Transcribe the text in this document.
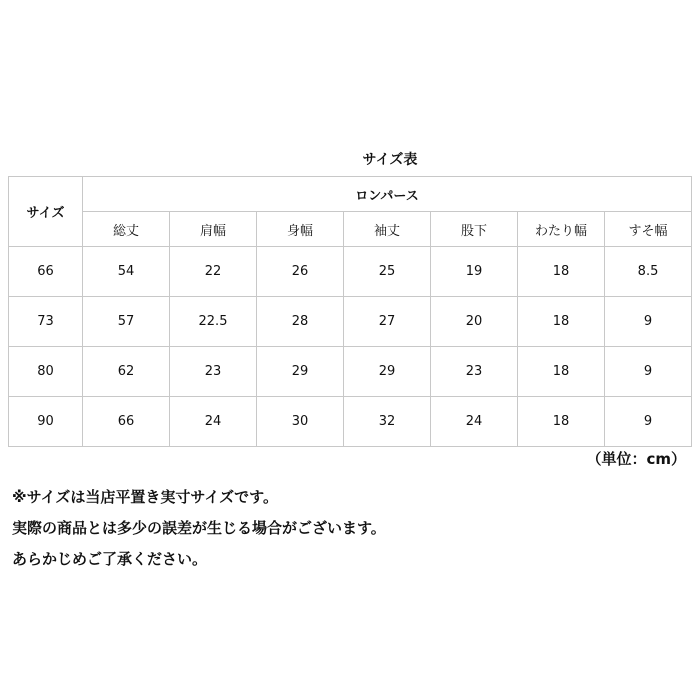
サイズ表
サイズ	ロンパース						
	総丈	肩幅	身幅	袖丈	股下	わたり幅	すそ幅
66	54	22	26	25	19	18	8.5
73	57	22.5	28	27	20	18	9
80	62	23	29	29	23	18	9
90	66	24	30	32	24	18	9
（単位：cm）
※サイズは当店平置き実寸サイズです。
実際の商品とは多少の誤差が生じる場合がございます。
あらかじめご了承ください。
